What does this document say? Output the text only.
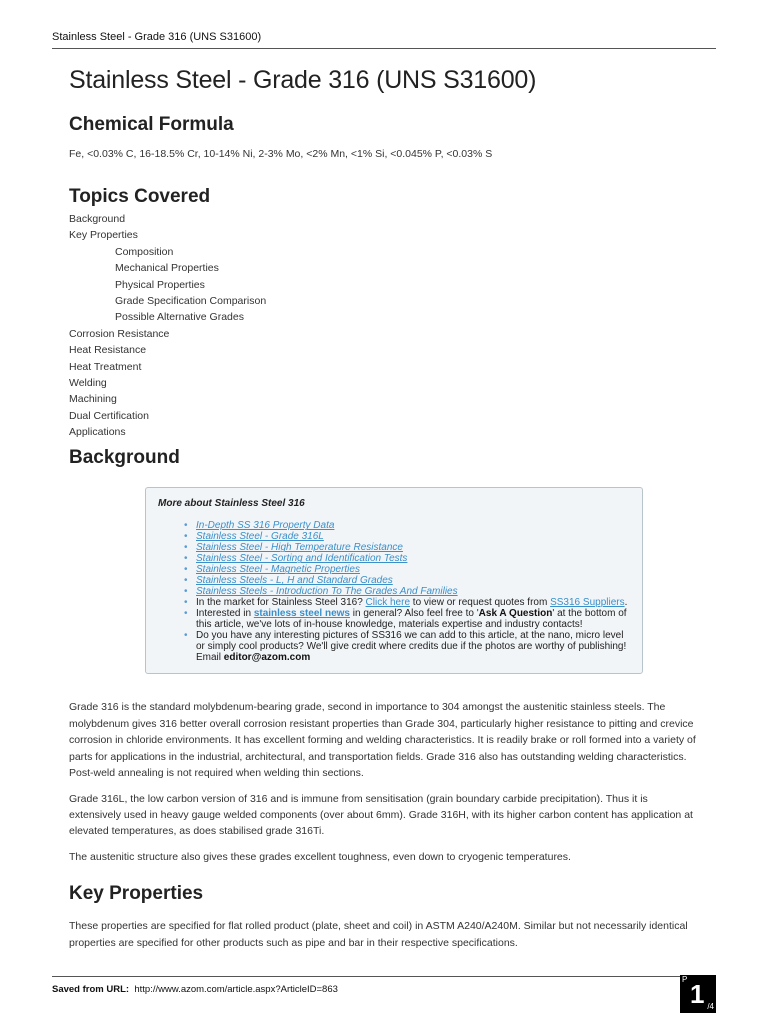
Stainless Steel - Grade 316 (UNS S31600)
Stainless Steel - Grade 316 (UNS S31600)
Chemical Formula
Fe, <0.03% C, 16-18.5% Cr, 10-14% Ni, 2-3% Mo, <2% Mn, <1% Si, <0.045% P, <0.03% S
Topics Covered
Background
Key Properties
Composition
Mechanical Properties
Physical Properties
Grade Specification Comparison
Possible Alternative Grades
Corrosion Resistance
Heat Resistance
Heat Treatment
Welding
Machining
Dual Certification
Applications
Background
More about Stainless Steel 316
• In-Depth SS 316 Property Data
• Stainless Steel - Grade 316L
• Stainless Steel - High Temperature Resistance
• Stainless Steel - Sorting and Identification Tests
• Stainless Steel - Magnetic Properties
• Stainless Steels - L, H and Standard Grades
• Stainless Steels - Introduction To The Grades And Families
• In the market for Stainless Steel 316? Click here to view or request quotes from SS316 Suppliers.
• Interested in stainless steel news in general? Also feel free to 'Ask A Question' at the bottom of this article, we've lots of in-house knowledge, materials expertise and industry contacts!
• Do you have any interesting pictures of SS316 we can add to this article, at the nano, micro level or simply cool products? We'll give credit where credits due if the photos are worthy of publishing! Email editor@azom.com

Grade 316 is the standard molybdenum-bearing grade, second in importance to 304 amongst the austenitic stainless steels. The molybdenum gives 316 better overall corrosion resistant properties than Grade 304, particularly higher resistance to pitting and crevice corrosion in chloride environments. It has excellent forming and welding characteristics. It is readily brake or roll formed into a variety of parts for applications in the industrial, architectural, and transportation fields. Grade 316 also has outstanding welding characteristics. Post-weld annealing is not required when welding thin sections.

Grade 316L, the low carbon version of 316 and is immune from sensitisation (grain boundary carbide precipitation). Thus it is extensively used in heavy gauge welded components (over about 6mm). Grade 316H, with its higher carbon content has application at elevated temperatures, as does stabilised grade 316Ti.

The austenitic structure also gives these grades excellent toughness, even down to cryogenic temperatures.

Key Properties

These properties are specified for flat rolled product (plate, sheet and coil) in ASTM A240/A240M. Similar but not necessarily identical properties are specified for other products such as pipe and bar in their respective specifications.

Saved from URL: http://www.azom.com/article.aspx?ArticleID=863
P 1 /4
